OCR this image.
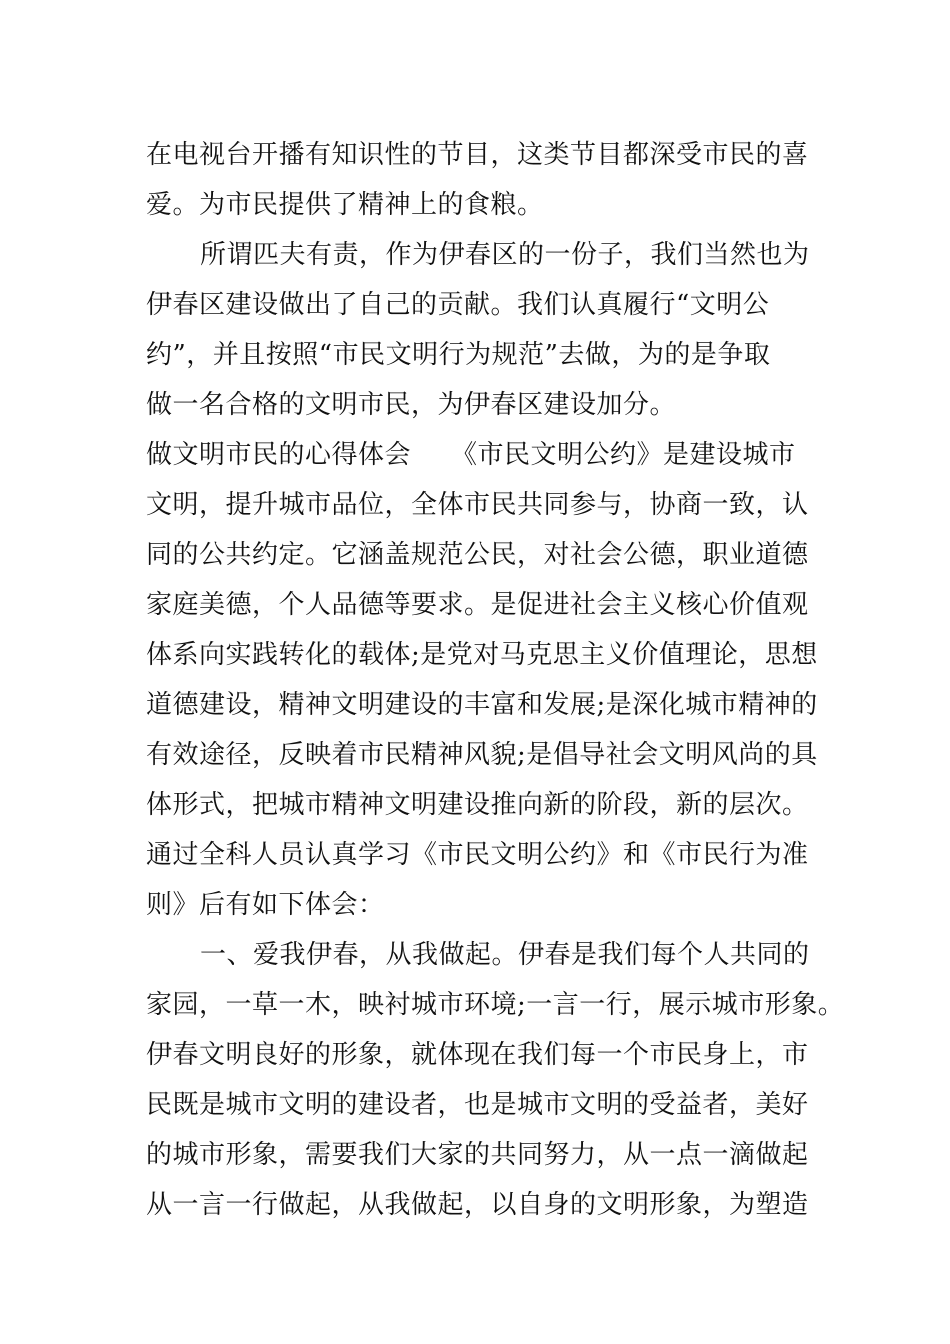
在电视台开播有知识性的节目，这类节目都深受市民的喜
爱。为市民提供了精神上的食粮。
所谓匹夫有责，作为伊春区的一份子，我们当然也为
伊春区建设做出了自己的贡献。我们认真履行“文明公
约”，并且按照“市民文明行为规范”去做，为的是争取
做一名合格的文明市民，为伊春区建设加分。
做文明市民的心得体会　　《市民文明公约》是建设城市
文明，提升城市品位，全体市民共同参与，协商一致，认
同的公共约定。它涵盖规范公民，对社会公德，职业道德
家庭美德，个人品德等要求。是促进社会主义核心价值观
体系向实践转化的载体;是党对马克思主义价值理论，思想
道德建设，精神文明建设的丰富和发展;是深化城市精神的
有效途径，反映着市民精神风貌;是倡导社会文明风尚的具
体形式，把城市精神文明建设推向新的阶段，新的层次。
通过全科人员认真学习《市民文明公约》和《市民行为准
则》后有如下体会：
一、爱我伊春，从我做起。伊春是我们每个人共同的
家园，一草一木，映衬城市环境;一言一行，展示城市形象。
伊春文明良好的形象，就体现在我们每一个市民身上，市
民既是城市文明的建设者，也是城市文明的受益者，美好
的城市形象，需要我们大家的共同努力，从一点一滴做起
从一言一行做起，从我做起，以自身的文明形象，为塑造
